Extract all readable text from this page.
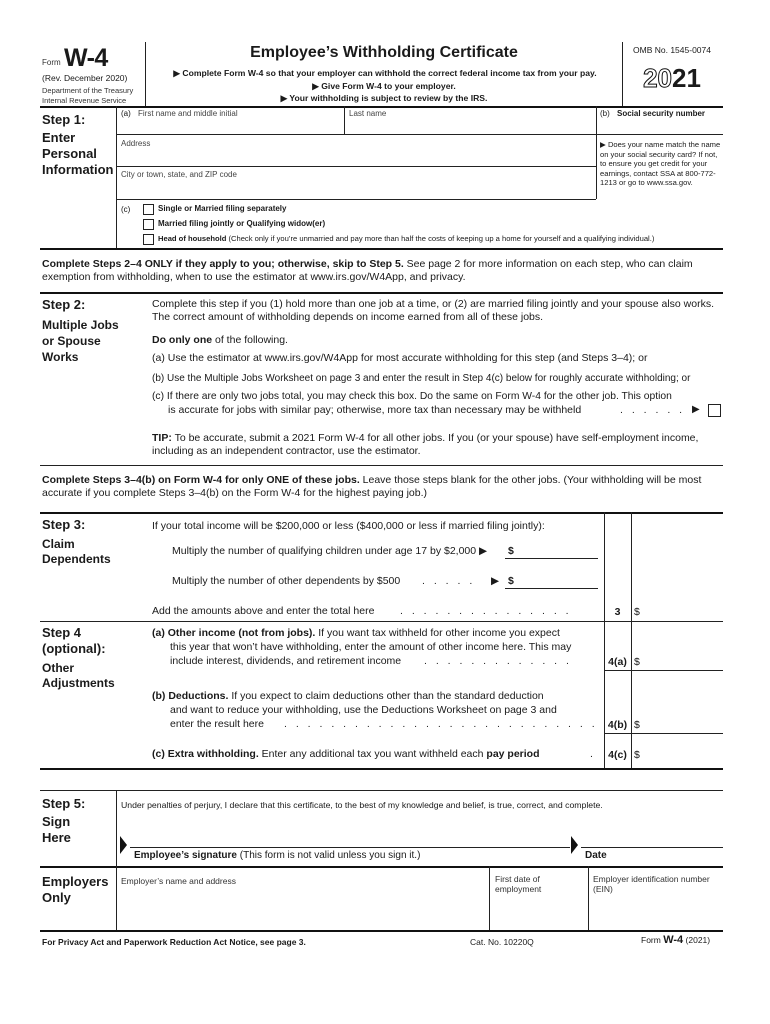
Form W-4
(Rev. December 2020)
Department of the Treasury
Internal Revenue Service
Employee’s Withholding Certificate
▶ Complete Form W-4 so that your employer can withhold the correct federal income tax from your pay.
▶ Give Form W-4 to your employer.
▶ Your withholding is subject to review by the IRS.
OMB No. 1545-0074
2021
Step 1:
Enter
Personal
Information
(a) First name and middle initial	Last name	(b) Social security number
Address
City or town, state, and ZIP code
▶ Does your name match the name on your social security card? If not, to ensure you get credit for your earnings, contact SSA at 800-772-1213 or go to www.ssa.gov.
(c)	Single or Married filing separately
Married filing jointly or Qualifying widow(er)
Head of household (Check only if you’re unmarried and pay more than half the costs of keeping up a home for yourself and a qualifying individual.)
Complete Steps 2–4 ONLY if they apply to you; otherwise, skip to Step 5. See page 2 for more information on each step, who can claim exemption from withholding, when to use the estimator at www.irs.gov/W4App, and privacy.
Step 2:
Multiple Jobs
or Spouse
Works
Complete this step if you (1) hold more than one job at a time, or (2) are married filing jointly and your spouse also works. The correct amount of withholding depends on income earned from all of these jobs.
Do only one of the following.
(a) Use the estimator at www.irs.gov/W4App for most accurate withholding for this step (and Steps 3–4); or
(b) Use the Multiple Jobs Worksheet on page 3 and enter the result in Step 4(c) below for roughly accurate withholding; or
(c) If there are only two jobs total, you may check this box. Do the same on Form W-4 for the other job. This option
is accurate for jobs with similar pay; otherwise, more tax than necessary may be withheld	. . . . . . ▶
TIP: To be accurate, submit a 2021 Form W-4 for all other jobs. If you (or your spouse) have self-employment income, including as an independent contractor, use the estimator.
Complete Steps 3–4(b) on Form W-4 for only ONE of these jobs. Leave those steps blank for the other jobs. (Your withholding will be most accurate if you complete Steps 3–4(b) on the Form W-4 for the highest paying job.)
Step 3:
Claim
Dependents
If your total income will be $200,000 or less ($400,000 or less if married filing jointly):
Multiply the number of qualifying children under age 17 by $2,000 ▶ $
Multiply the number of other dependents by $500 . . . . . ▶ $
Add the amounts above and enter the total here . . . . . . . . . . . . . . .	3	$
Step 4
(optional):
Other
Adjustments
(a) Other income (not from jobs). If you want tax withheld for other income you expect
this year that won’t have withholding, enter the amount of other income here. This may
include interest, dividends, and retirement income . . . . . . . . . . . . .	4(a) $
(b) Deductions. If you expect to claim deductions other than the standard deduction
and want to reduce your withholding, use the Deductions Worksheet on page 3 and
enter the result here . . . . . . . . . . . . . . . . . . . . . . . . . . . 4(b) $
(c) Extra withholding. Enter any additional tax you want withheld each pay period	.	4(c) $
Step 5:
Sign
Here
Under penalties of perjury, I declare that this certificate, to the best of my knowledge and belief, is true, correct, and complete.
Employee’s signature (This form is not valid unless you sign it.)	Date
Employers
Only
Employer’s name and address	First date of employment
Employer identification number (EIN)
For Privacy Act and Paperwork Reduction Act Notice, see page 3.	Cat. No. 10220Q	Form W-4 (2021)
